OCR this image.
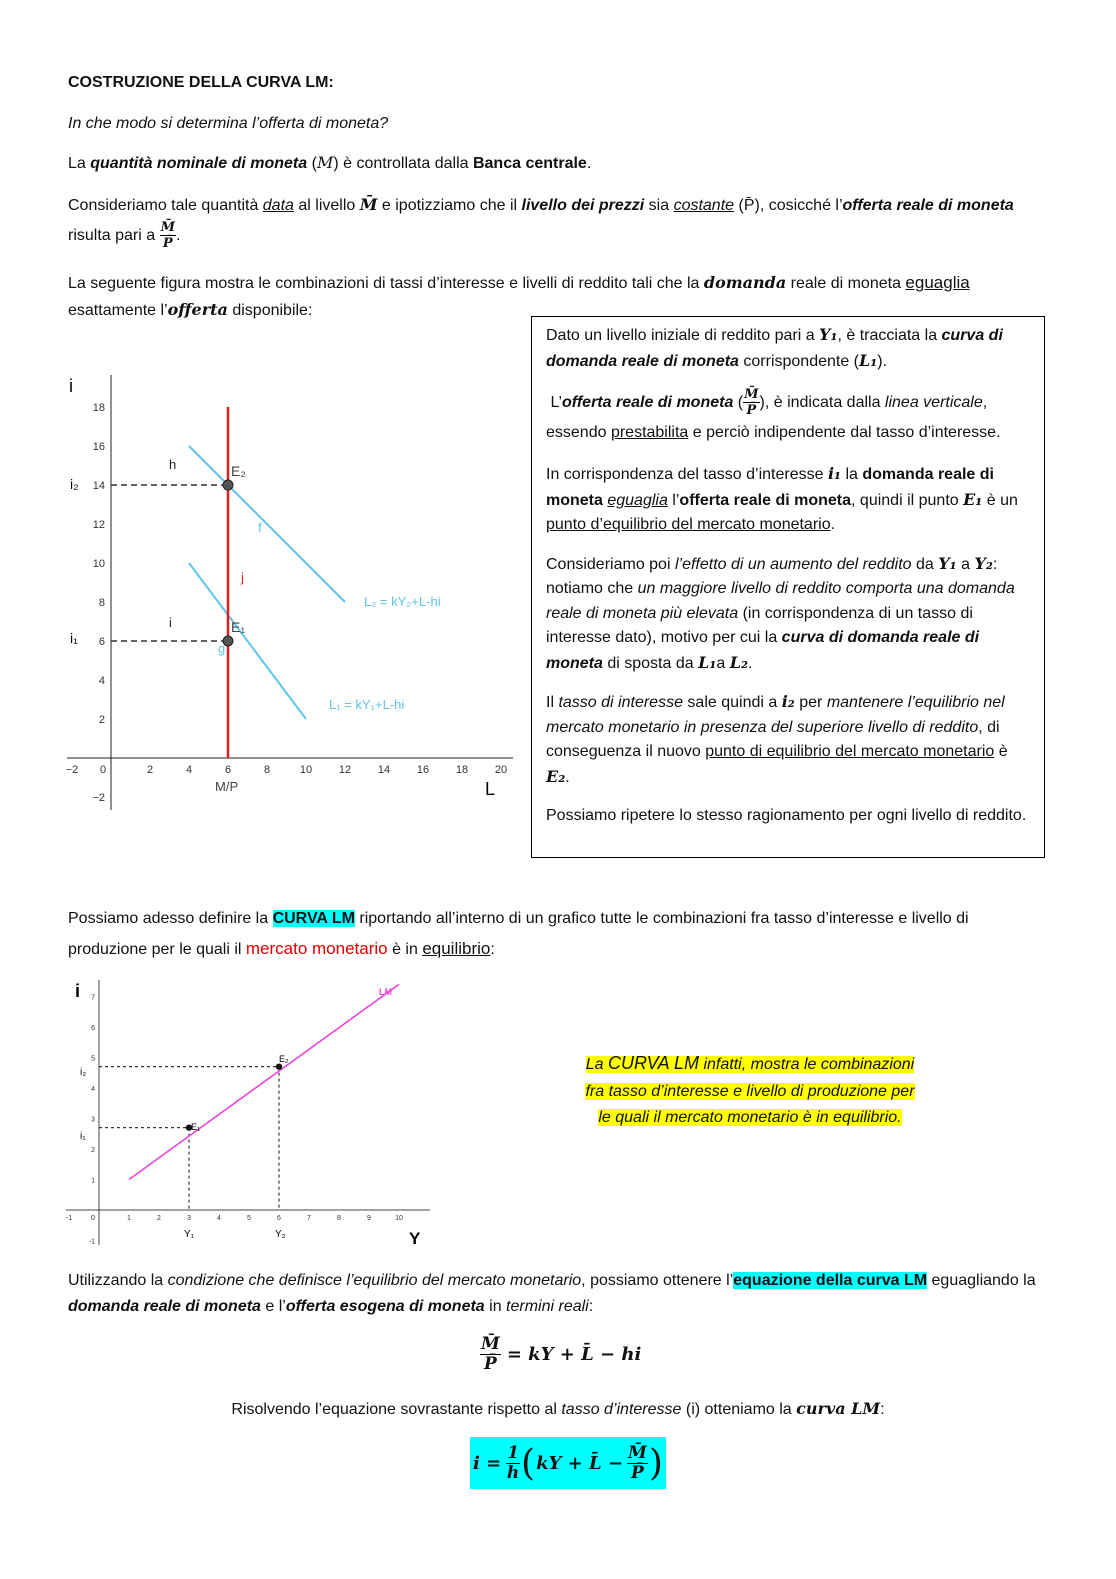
COSTRUZIONE DELLA CURVA LM:
In che modo si determina l’offerta di moneta?
La quantità nominale di moneta (M) è controllata dalla Banca centrale.
Consideriamo tale quantità data al livello M̄ e ipotizziamo che il livello dei prezzi sia costante (P̄), cosicché l’offerta reale di moneta risulta pari a $\frac{M̄}{P̄}$ .
La seguente figura mostra le combinazioni di tassi d’interesse e livelli di reddito tali che la domanda reale di moneta eguaglia esattamente l’offerta disponibile:
−2 0	2	4	6	8	10 12 14 16 18 20
−2
2
4
6
8
10
12
14
16
18
i
L
i₁
i₂
E₁
E₂
M/P
h
i
j
f
g
L₂ = kY₂+L-hi
L₁ = kY₁+L-hi

Dato un livello iniziale di reddito pari a Y₁, è tracciata la curva di domanda reale di moneta corrispondente (L₁).

L’offerta reale di moneta ( $\frac{M̄}{P̄}$ ), è indicata dalla linea verticale, essendo prestabilita e perciò indipendente dal tasso d’interesse.

In corrispondenza del tasso d’interesse i₁ la domanda reale di moneta eguaglia l’offerta reale di moneta, quindi il punto E₁ è un punto d’equilibrio del mercato monetario.

Consideriamo poi l’effetto di un aumento del reddito da Y₁ a Y₂: notiamo che un maggiore livello di reddito comporta una domanda reale di moneta più elevata (in corrispondenza di un tasso di interesse dato), motivo per cui la curva di domanda reale di moneta di sposta da L₁a L₂.

Il tasso di interesse sale quindi a i₂ per mantenere l’equilibrio nel mercato monetario in presenza del superiore livello di reddito, di conseguenza il nuovo punto di equilibrio del mercato monetario è E₂.

Possiamo ripetere lo stesso ragionamento per ogni livello di reddito.

Possiamo adesso definire la CURVA LM riportando all’interno di un grafico tutte le combinazioni fra tasso d’interesse e livello di produzione per le quali il mercato monetario è in equilibrio:
-1	0	1	2	3	4	5	6	7	8	9	10
-1
1
2
3
4
5
6
7
i
Y
LM
i₁
i₂
Y₁	Y₂
E₁
E₂	La CURVA LM infatti, mostra le combinazioni
fra tasso d’interesse e livello di produzione per
le quali il mercato monetario è in equilibrio.
Utilizzando la condizione che definisce l’equilibrio del mercato monetario, possiamo ottenere l’equazione della curva LM eguagliando la domanda reale di moneta e l’offerta esogena di moneta in termini reali:
$\frac{M̄}{P̄}$ = kY + L̄ − hi
Risolvendo l’equazione sovrastante rispetto al tasso d’interesse (i) otteniamo la curva LM:
$i = \frac{1}{h}$ ( kY + L̄ − $\frac{M̄}{P̄}$ )
